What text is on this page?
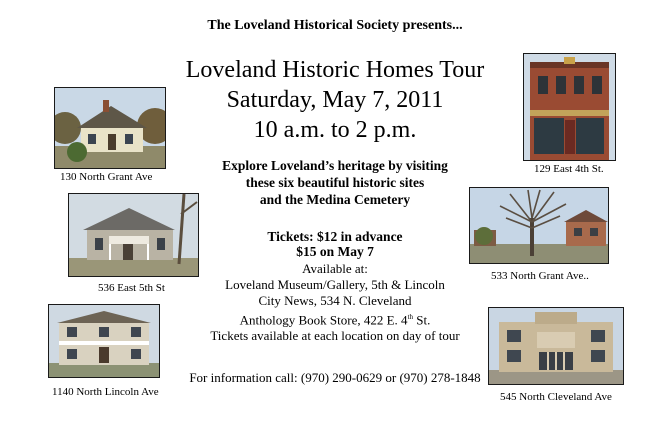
The Loveland Historical Society presents...
Loveland Historic Homes Tour
Saturday, May 7, 2011
10 a.m. to 2 p.m.
Explore Loveland’s heritage by visiting
these six beautiful historic sites
and the Medina Cemetery
Tickets: $12 in advance
$15 on May 7
Available at:
Loveland Museum/Gallery, 5th & Lincoln
City News, 534 N. Cleveland
Anthology Book Store, 422 E. 4th St.
Tickets available at each location on day of tour
For information call: (970) 290-0629 or (970) 278-1848
130 North Grant Ave
536 East 5th St
1140 North Lincoln Ave
129 East 4th St.
533 North Grant Ave..
545 North Cleveland Ave
